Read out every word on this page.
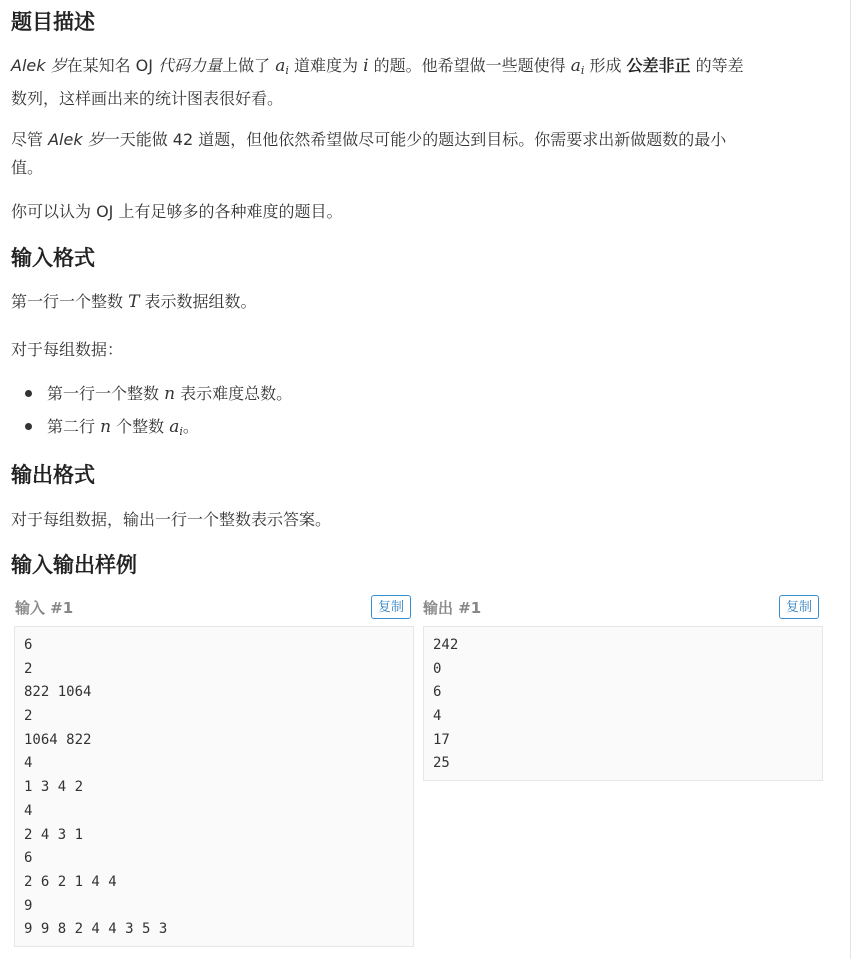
题目描述

Alek 岁在某知名 OJ 代码力量上做了 $a_i$ 道难度为 i 的题。他希望做一些题使得 $a_i$ 形成 公差非正 的等差
数列，这样画出来的统计图表很好看。

尽管 Alek 岁一天能做 42 道题，但他依然希望做尽可能少的题达到目标。你需要求出新做题数的最小
值。

你可以认为 OJ 上有足够多的各种难度的题目。

输入格式

第一行一个整数 T 表示数据组数。

对于每组数据：

第一行一个整数 n 表示难度总数。
第二行 n 个整数 $a_i$。
输出格式

对于每组数据，输出一行一个整数表示答案。

输入输出样例
输入 #1	复制
6
2
822 1064
2
1064 822
4
1 3 4 2
4
2 4 3 1
6
2 6 2 1 4 4
9
9 9 8 2 4 4 3 5 3
输出 #1	复制
242
0
6
4
17
25
